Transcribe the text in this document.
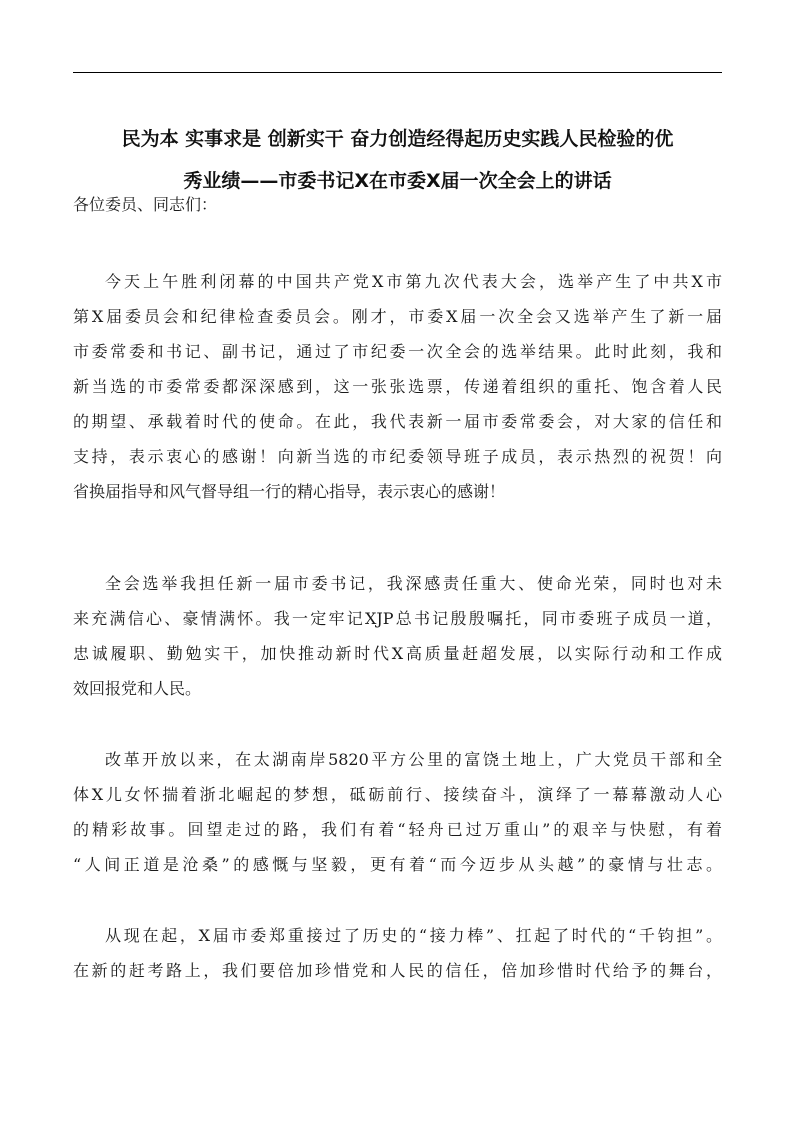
民为本 实事求是 创新实干 奋力创造经得起历史实践人民检验的优
秀业绩——市委书记X在市委X届一次全会上的讲话

各位委员、同志们：

今天上午胜利闭幕的中国共产党X市第九次代表大会，选举产生了中共X市
第X届委员会和纪律检查委员会。刚才，市委X届一次全会又选举产生了新一届
市委常委和书记、副书记，通过了市纪委一次全会的选举结果。此时此刻，我和
新当选的市委常委都深深感到，这一张张选票，传递着组织的重托、饱含着人民
的期望、承载着时代的使命。在此，我代表新一届市委常委会，对大家的信任和
支持，表示衷心的感谢！向新当选的市纪委领导班子成员，表示热烈的祝贺！向
省换届指导和风气督导组一行的精心指导，表示衷心的感谢！
全会选举我担任新一届市委书记，我深感责任重大、使命光荣，同时也对未
来充满信心、豪情满怀。我一定牢记XJP总书记殷殷嘱托，同市委班子成员一道，
忠诚履职、勤勉实干，加快推动新时代X高质量赶超发展，以实际行动和工作成
效回报党和人民。
改革开放以来，在太湖南岸5820平方公里的富饶土地上，广大党员干部和全
体X儿女怀揣着浙北崛起的梦想，砥砺前行、接续奋斗，演绎了一幕幕激动人心
的精彩故事。回望走过的路，我们有着“轻舟已过万重山”的艰辛与快慰，有着
“人间正道是沧桑”的感慨与坚毅，更有着“而今迈步从头越”的豪情与壮志。
从现在起，X届市委郑重接过了历史的“接力棒”、扛起了时代的“千钧担”。
在新的赶考路上，我们要倍加珍惜党和人民的信任，倍加珍惜时代给予的舞台，
